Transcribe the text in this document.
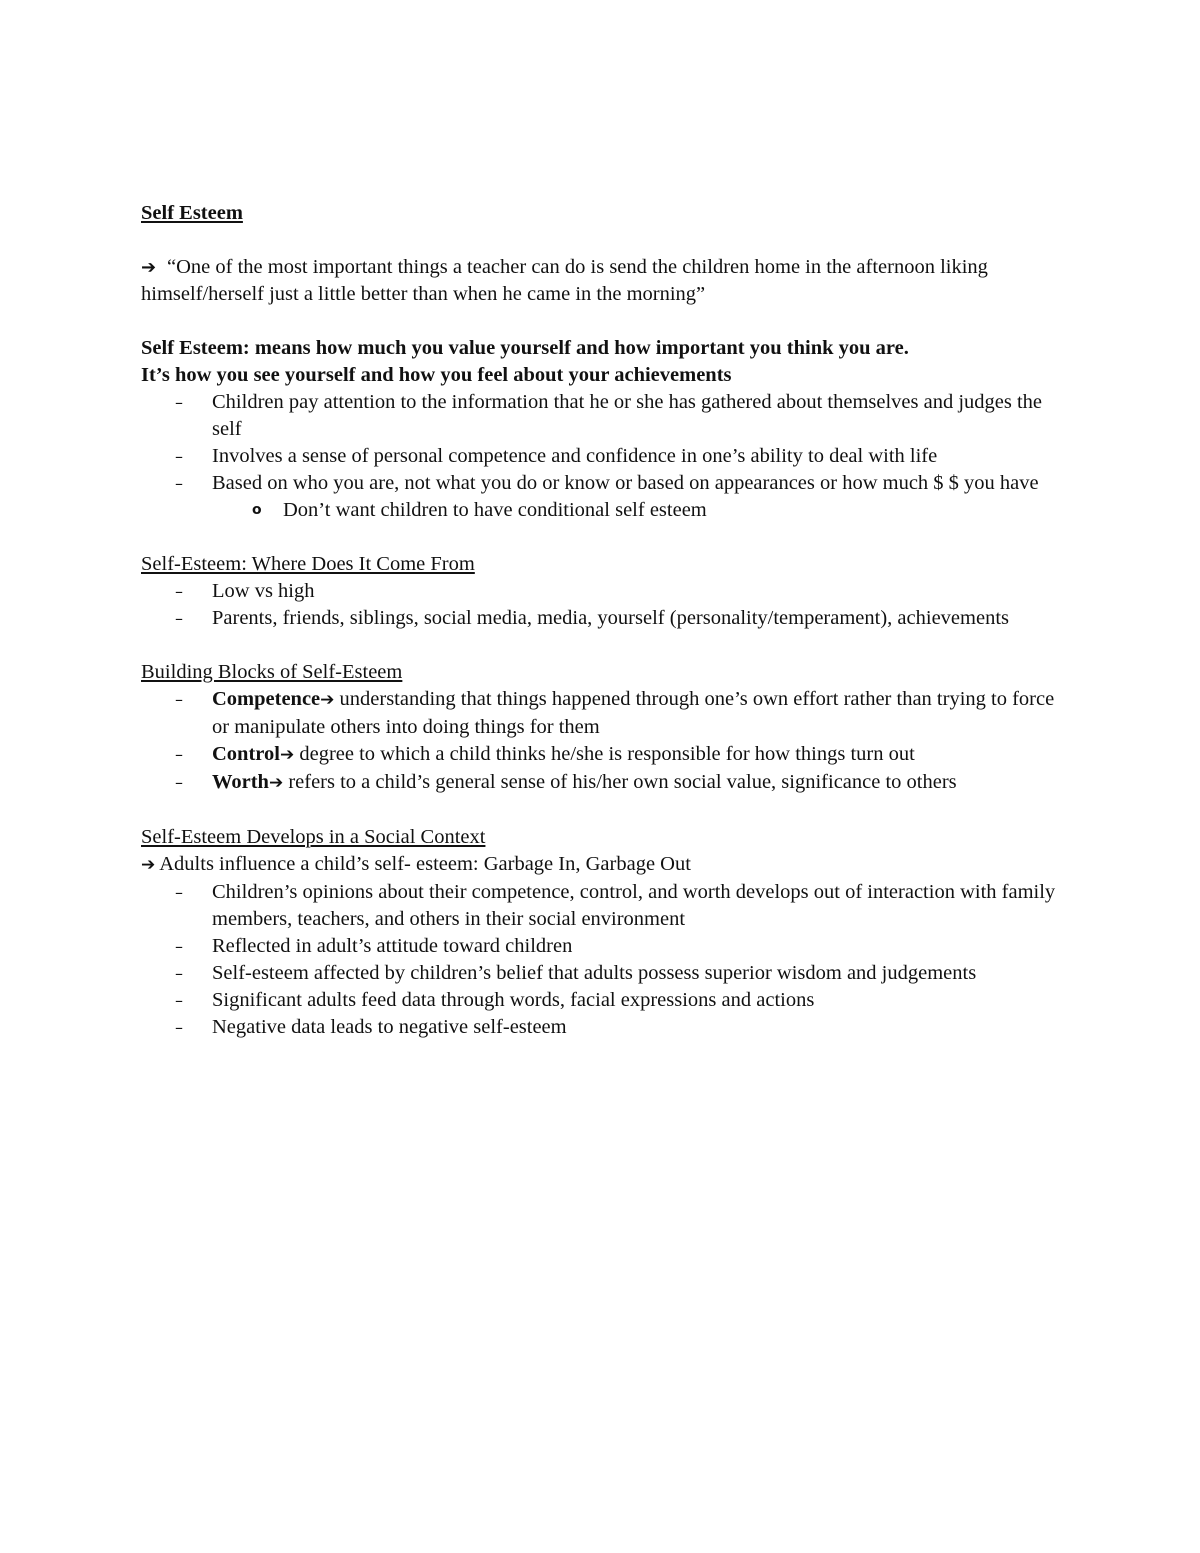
Self Esteem

➔ “One of the most important things a teacher can do is send the children home in the afternoon liking himself/herself just a little better than when he came in the morning”

Self Esteem: means how much you value yourself and how important you think you are.

It’s how you see yourself and how you feel about your achievements

– Children pay attention to the information that he or she has gathered about themselves and judges the self
– Involves a sense of personal competence and confidence in one’s ability to deal with life
– Based on who you are, not what you do or know or based on appearances or how much $ $ you have
o Don’t want children to have conditional self esteem

Self-Esteem: Where Does It Come From

– Low vs high
– Parents, friends, siblings, social media, media, yourself (personality/temperament), achievements

Building Blocks of Self-Esteem

– Competence➔ understanding that things happened through one’s own effort rather than trying to force or manipulate others into doing things for them
– Control➔ degree to which a child thinks he/she is responsible for how things turn out
– Worth➔ refers to a child’s general sense of his/her own social value, significance to others

Self-Esteem Develops in a Social Context

➔ Adults influence a child’s self- esteem: Garbage In, Garbage Out

– Children’s opinions about their competence, control, and worth develops out of interaction with family members, teachers, and others in their social environment
– Reflected in adult’s attitude toward children
– Self-esteem affected by children’s belief that adults possess superior wisdom and judgements
– Significant adults feed data through words, facial expressions and actions
– Negative data leads to negative self-esteem
